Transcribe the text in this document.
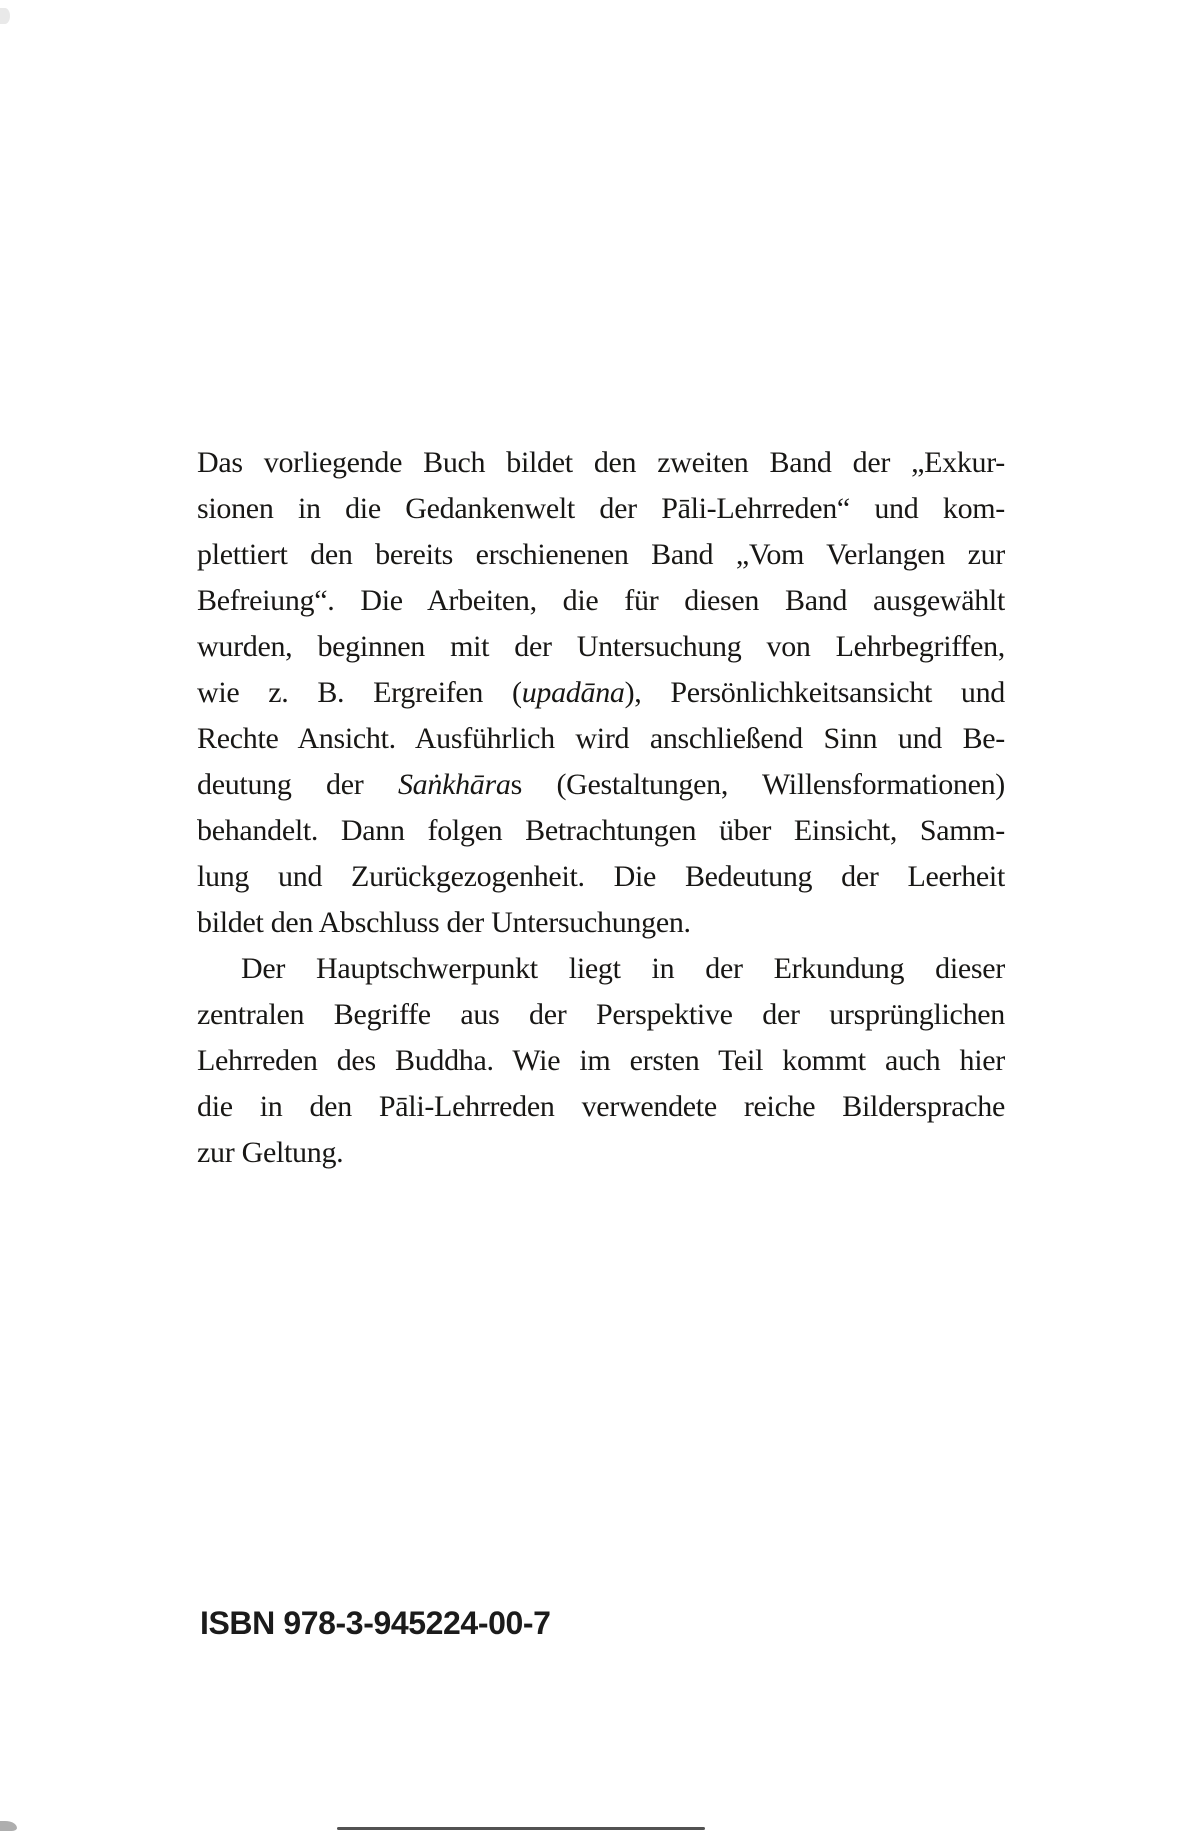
Das vorliegende Buch bildet den zweiten Band der „Exkur-
sionen in die Gedankenwelt der Pāli-Lehrreden“ und kom-
plettiert den bereits erschienenen Band „Vom Verlangen zur
Befreiung“. Die Arbeiten, die für diesen Band ausgewählt
wurden, beginnen mit der Untersuchung von Lehrbegriffen,
wie z. B. Ergreifen (upadāna), Persönlichkeitsansicht und
Rechte Ansicht. Ausführlich wird anschließend Sinn und Be-
deutung der Saṅkhāras (Gestaltungen, Willensformationen)
behandelt. Dann folgen Betrachtungen über Einsicht, Samm-
lung und Zurückgezogenheit. Die Bedeutung der Leerheit
bildet den Abschluss der Untersuchungen.
Der Hauptschwerpunkt liegt in der Erkundung dieser
zentralen Begriffe aus der Perspektive der ursprünglichen
Lehrreden des Buddha. Wie im ersten Teil kommt auch hier
die in den Pāli-Lehrreden verwendete reiche Bildersprache
zur Geltung.
ISBN 978-3-945224-00-7
